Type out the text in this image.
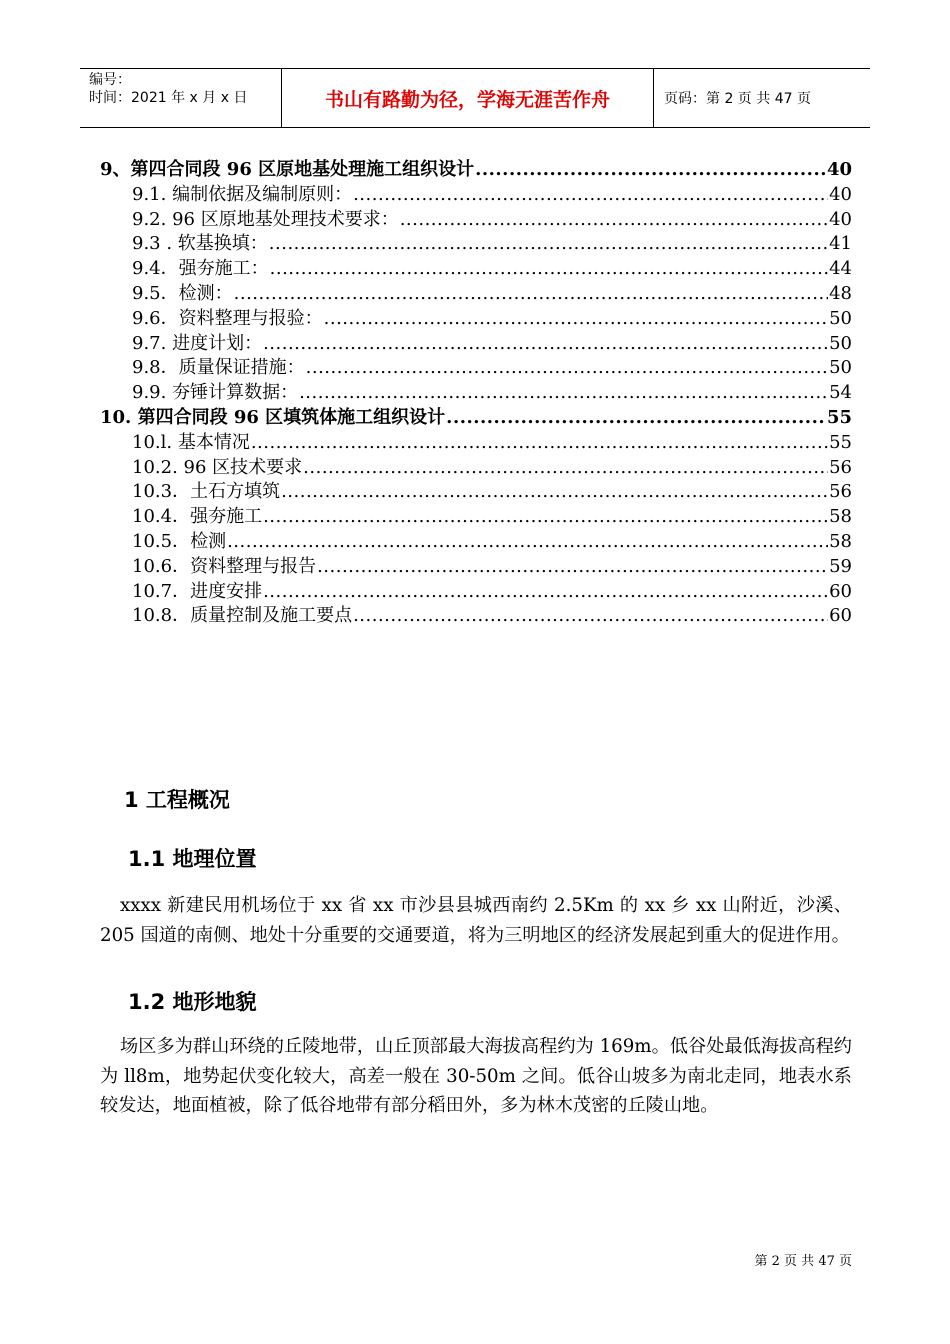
编号：
时间：2021 年 x 月 x 日	书山有路勤为径，学海无涯苦作舟	页码：第 2 页 共 47 页
9、第四合同段 96 区原地基处理施工组织设计 .....	40
9.1. 编制依据及编制原则： .....	40
9.2. 96 区原地基处理技术要求： .....	40
9.3 . 软基换填： .....	41
9.4．强夯施工： .....	44
9.5．检测： .....	48
9.6．资料整理与报验： .....	50
9.7. 进度计划： .....	50
9.8．质量保证措施： .....	50
9.9. 夯锤计算数据： .....	54
10. 第四合同段 96 区填筑体施工组织设计 .....	55
10.l. 基本情况 .....	55
10.2. 96 区技术要求 .....	56
10.3．土石方填筑 .....	56
10.4．强夯施工 .....	58
10.5．检测 .....	58
10.6．资料整理与报告 .....	59
10.7．进度安排 .....	60
10.8．质量控制及施工要点 .....	60
1 工程概况
1.1 地理位置
xxxx 新建民用机场位于 xx 省 xx 市沙县县城西南约 2.5Km 的 xx 乡 xx 山附近，沙溪、205 国道的南侧、地处十分重要的交通要道，将为三明地区的经济发展起到重大的促进作用。
1.2 地形地貌
场区多为群山环绕的丘陵地带，山丘顶部最大海拔高程约为 169m。低谷处最低海拔高程约为 ll8m，地势起伏变化较大，高差一般在 30-50m 之间。低谷山坡多为南北走同，地表水系较发达，地面植被，除了低谷地带有部分稻田外，多为林木茂密的丘陵山地。
第 2 页 共 47 页
